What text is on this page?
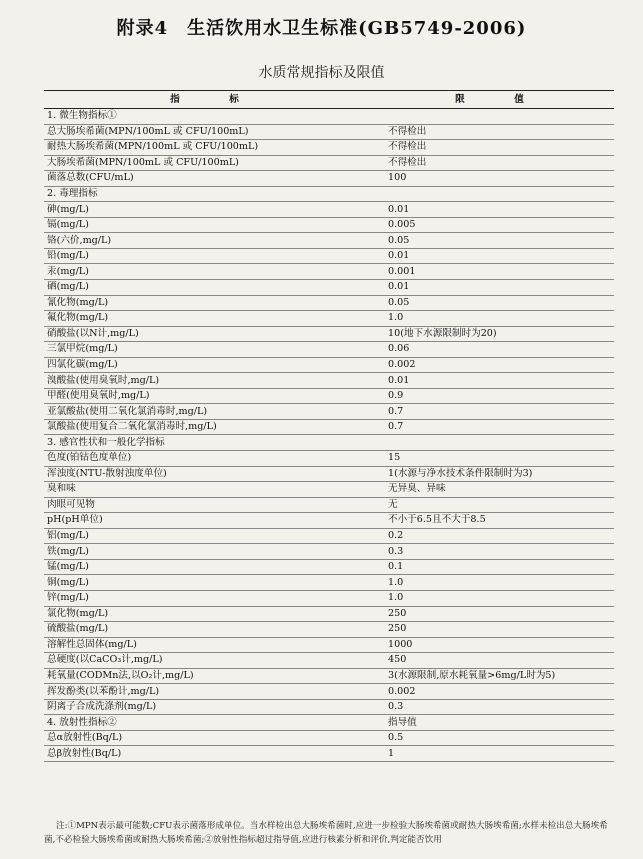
附录4　生活饮用水卫生标准(GB5749-2006)
水质常规指标及限值
指　标	限　值
1. 微生物指标①	
总大肠埃希菌(MPN/100mL 或 CFU/100mL)	不得检出
耐热大肠埃希菌(MPN/100mL 或 CFU/100mL)	不得检出
大肠埃希菌(MPN/100mL 或 CFU/100mL)	不得检出
菌落总数(CFU/mL)	100
2. 毒理指标	
砷(mg/L)	0.01
镉(mg/L)	0.005
铬(六价,mg/L)	0.05
铅(mg/L)	0.01
汞(mg/L)	0.001
硒(mg/L)	0.01
氰化物(mg/L)	0.05
氟化物(mg/L)	1.0
硝酸盐(以N计,mg/L)	10(地下水源限制时为20)
三氯甲烷(mg/L)	0.06
四氯化碳(mg/L)	0.002
溴酸盐(使用臭氧时,mg/L)	0.01
甲醛(使用臭氧时,mg/L)	0.9
亚氯酸盐(使用二氧化氯消毒时,mg/L)	0.7
氯酸盐(使用复合二氧化氯消毒时,mg/L)	0.7
3. 感官性状和一般化学指标	
色度(铂钴色度单位)	15
浑浊度(NTU-散射浊度单位)	1(水源与净水技术条件限制时为3)
臭和味	无异臭、异味
肉眼可见物	无
pH(pH单位)	不小于6.5且不大于8.5
铝(mg/L)	0.2
铁(mg/L)	0.3
锰(mg/L)	0.1
铜(mg/L)	1.0
锌(mg/L)	1.0
氯化物(mg/L)	250
硫酸盐(mg/L)	250
溶解性总固体(mg/L)	1000
总硬度(以CaCO₃计,mg/L)	450
耗氧量(CODMn法,以O₂计,mg/L)	3(水源限制,原水耗氧量>6mg/L时为5)
挥发酚类(以苯酚计,mg/L)	0.002
阴离子合成洗涤剂(mg/L)	0.3
4. 放射性指标②	指导值
总α放射性(Bq/L)	0.5
总β放射性(Bq/L)	1
注:①MPN表示最可能数;CFU表示菌落形成单位。当水样检出总大肠埃希菌时,应进一步检验大肠埃希菌或耐热大肠埃希菌;水样未检出总大肠埃希菌,不必检验大肠埃希菌或耐热大肠埃希菌;②放射性指标超过指导值,应进行核素分析和评价,判定能否饮用
